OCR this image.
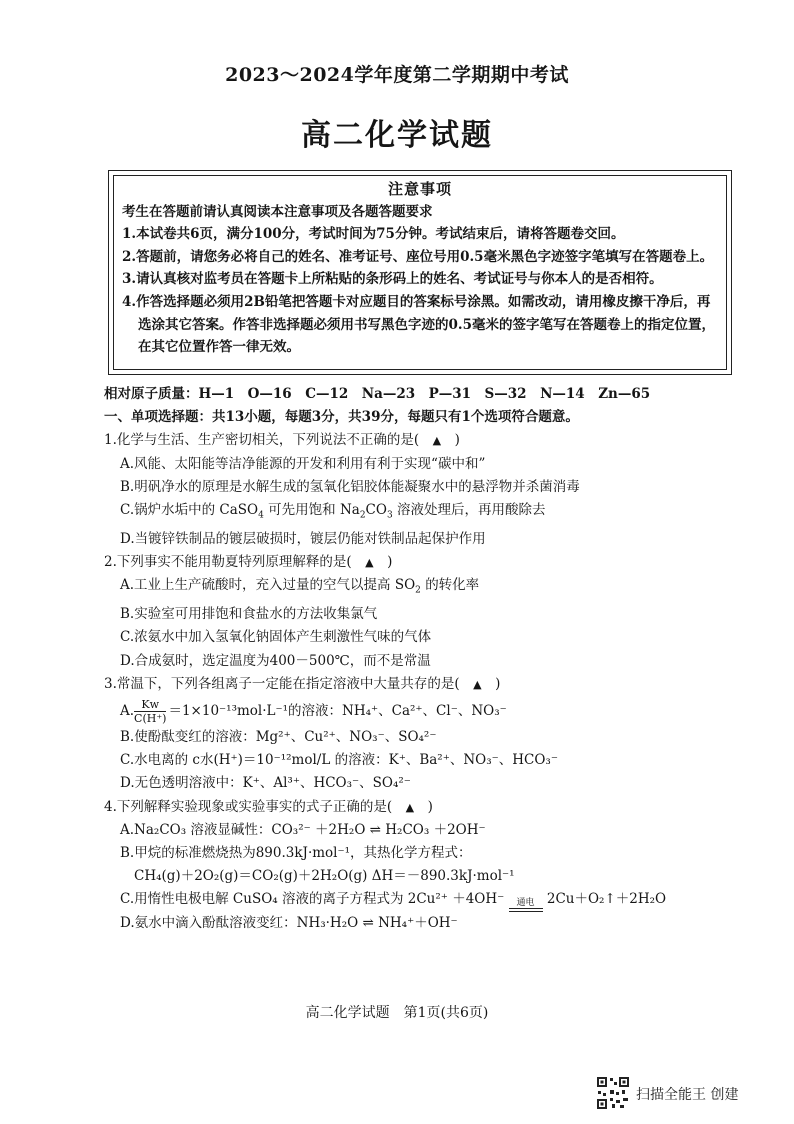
2023～2024学年度第二学期期中考试
高二化学试题
注意事项
考生在答题前请认真阅读本注意事项及各题答题要求
1.本试卷共6页，满分100分，考试时间为75分钟。考试结束后，请将答题卷交回。
2.答题前，请您务必将自己的姓名、准考证号、座位号用0.5毫米黑色字迹签字笔填写在答题卷上。
3.请认真核对监考员在答题卡上所粘贴的条形码上的姓名、考试证号与你本人的是否相符。
4.作答选择题必须用2B铅笔把答题卡对应题目的答案标号涂黑。如需改动，请用橡皮擦干净后，再选涂其它答案。作答非选择题必须用书写黑色字迹的0.5毫米的签字笔写在答题卷上的指定位置，在其它位置作答一律无效。
相对原子质量：H—1　O—16　C—12　Na—23　P—31　S—32　N—14　Zn—65
一、单项选择题：共13小题，每题3分，共39分，每题只有1个选项符合题意。
1.化学与生活、生产密切相关，下列说法不正确的是(　 ▲　)
A.风能、太阳能等洁净能源的开发和利用有利于实现“碳中和”
B.明矾净水的原理是水解生成的氢氧化铝胶体能凝聚水中的悬浮物并杀菌消毒
C.锅炉水垢中的 CaSO$_4$ 可先用饱和 $Na_2CO_3$ 溶液处理后，再用酸除去
D.当镀锌铁制品的镀层破损时，镀层仍能对铁制品起保护作用
2.下列事实不能用勒夏特列原理解释的是(　 ▲　)
A.工业上生产硫酸时，充入过量的空气以提高 $SO_2$ 的转化率
B.实验室可用排饱和食盐水的方法收集氯气
C.浓氨水中加入氢氧化钠固体产生刺激性气味的气体
D.合成氨时，选定温度为400－500℃，而不是常温
3.常温下，下列各组离子一定能在指定溶液中大量共存的是(　 ▲　)
A. $\frac{Kw}{C(H^+)} =1\times 10^{-13}mol\cdot L^{-1}$的溶液：NH₄⁺、Ca²⁺、Cl⁻、NO₃⁻
B.使酚酞变红的溶液：Mg²⁺、Cu²⁺、NO₃⁻、SO₄²⁻
C.水电离的 c水(H⁺)＝10⁻¹²mol/L 的溶液：K⁺、Ba²⁺、NO₃⁻、HCO₃⁻
D.无色透明溶液中：K⁺、Al³⁺、HCO₃⁻、SO₄²⁻
4.下列解释实验现象或实验事实的式子正确的是(　 ▲　)
A.Na₂CO₃ 溶液显碱性：CO₃²⁻ ＋2H₂O ⇌ H₂CO₃ ＋2OH⁻
B.甲烷的标准燃烧热为890.3kJ·mol⁻¹，其热化学方程式：
CH₄(g)＋2O₂(g)＝CO₂(g)＋2H₂O(g) ΔH＝－890.3kJ·mol⁻¹
C.用惰性电极电解 CuSO₄ 溶液的离子方程式为 2Cu²⁺ ＋4OH⁻	通电 2Cu＋O₂↑＋2H₂O
D.氨水中滴入酚酞溶液变红：NH₃·H₂O ⇌ NH₄⁺＋OH⁻
高二化学试题　第1页(共6页)
扫描全能王 创建
